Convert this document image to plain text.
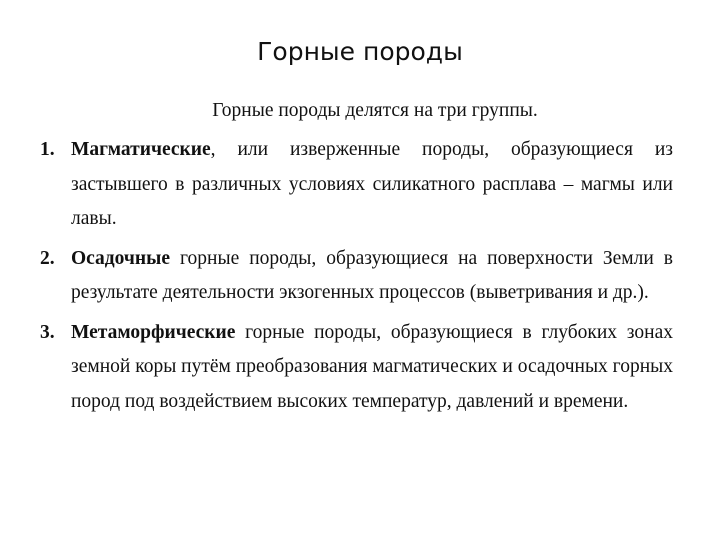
Горные породы
Горные породы делятся на три группы.
1. Магматические, или изверженные породы, образующиеся из застывшего в различных условиях силикатного расплава – магмы или лавы.
2. Осадочные горные породы, образующиеся на поверхности Земли в результате деятельности экзогенных процессов (выветривания и др.).
3. Метаморфические горные породы, образующиеся в глубоких зонах земной коры путём преобразования магматических и осадочных горных пород под воздействием высоких температур, давлений и времени.
